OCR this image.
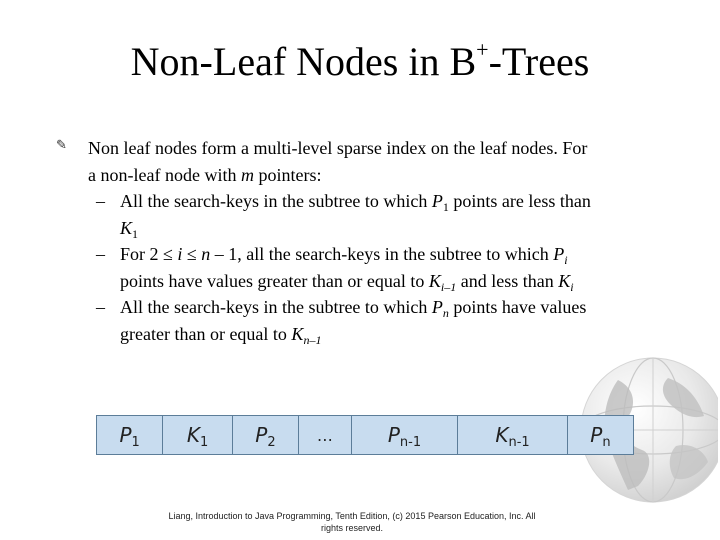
Non-Leaf Nodes in B+-Trees
✎ Non leaf nodes form a multi-level sparse index on the leaf nodes. For
a non-leaf node with m pointers:
– All the search-keys in the subtree to which $P_1$ points are less than
$K_1$
– For 2 ≤ i ≤ n – 1, all the search-keys in the subtree to which $P_i$
points have values greater than or equal to $K_{i-1}$ and less than $K_i$
– All the search-keys in the subtree to which $P_n$ points have values
greater than or equal to $K_{n-1}$
$P_1$	$K_1$	$P_2$	…	$P_{n-1}$	$K_{n-1}$	$P_n$
Liang, Introduction to Java Programming, Tenth Edition, (c) 2015 Pearson Education, Inc. All
rights reserved.
